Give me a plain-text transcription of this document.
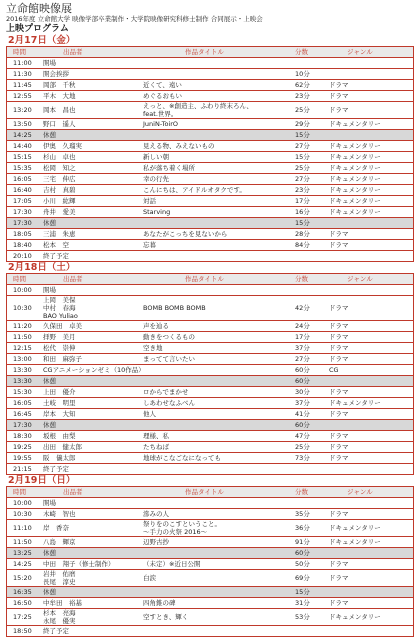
立命館映像展
2016年度 立命館大学 映像学部卒業制作・大学院映像研究科修士制作 合同展示・上映会
上映プログラム
2月17日（金）
時間	出品者	作品タイトル	分数	ジャンル
11:00	開場
11:30	開会挨拶	10分
11:45	岡部　千秋	近くて、遠い	62分	ドラマ
12:55	平木　大地	めぐるおもい	23分	ドラマ
13:20	岡本　昌也	えっと、※創造主、ふわり終末ろん、
feat.世界。	25分	ドラマ
13:50	野口　遥人	JuniN-ToirO	29分	ドキュメンタリー
14:25	休憩	15分
14:40	伊奥　久瑠実	見える物、みえないもの	27分	ドキュメンタリー
15:15	杉山　卓也	新しい朝	15分	ドキュメンタリー
15:35	松岡　知之	私が落ち着く場所	25分	ドキュメンタリー
16:05	三宅　伸広	幸の行先	27分	ドキュメンタリー
16:40	吉村　真碧	こんにちは、アイドルオタクです。	23分	ドキュメンタリー
17:05	小川　紘輝	対話	17分	ドキュメンタリー
17:30	舟井　愛美	Starving	16分	ドキュメンタリー
17:30	休憩	15分
18:05	三浦　朱恵	あなたがこっちを見ないから	28分	ドラマ
18:40	松本　空	忘暮	84分	ドラマ
20:10	終了予定
2月18日（土）
時間	出品者	作品タイトル	分数	ジャンル
10:00	開場
10:30
上岡　美保
中村　春海
BAO Yuliao
BOMB BOMB BOMB	42分	ドラマ
11:20	久保田　卓美	声を辿る	24分	ドラマ
11:50	拝野　美月	動きをつくるもの	17分	ドラマ
12:15	松代　崇伸	空き地	37分	ドラマ
13:00	和田　麻弥子	まってて言いたい	27分	ドラマ
13:30	CGアニメーションゼミ（10作品）	60分	CG
13:30	休憩	60分
15:30	上田　優介	ロからでまかせ	30分	ドラマ
16:05	土岐　明里	しあわせなふべん	37分	ドキュメンタリー
16:45	岸本　大知	他人	41分	ドラマ
17:30	休憩	60分
18:30	坂根　由梨	理様、私	47分	ドラマ
19:25	出田　健太郎	たちねば	25分	ドラマ
19:55	阪　儀太郎	地球がこなごなになっても	73分	ドラマ
21:15	終了予定
2月19日（日）
時間	出品者	作品タイトル	分数	ジャンル
10:00	開場
10:30	木崎　智也	滲みの人	35分	ドラマ
11:10	岸　香奈	祭りをのこすということ。
～手力の火祭 2016～	36分	ドキュメンタリー
11:50	八島　輝京	辺野古抄	91分	ドキュメンタリー
13:25	休憩	60分
14:25	中田　翔子（修士制作）	（未定）※近日公開	50分	ドラマ
15:20	岩井　佑磨
長尾　淳史	白涙	69分	ドラマ
16:35	休憩	15分
16:50	中牟田　裕基	四角錐の碑	31分	ドラマ
17:25	杉本　亮海
永尾　優実	空すとき、輝く	53分	ドキュメンタリー
18:50	終了予定
